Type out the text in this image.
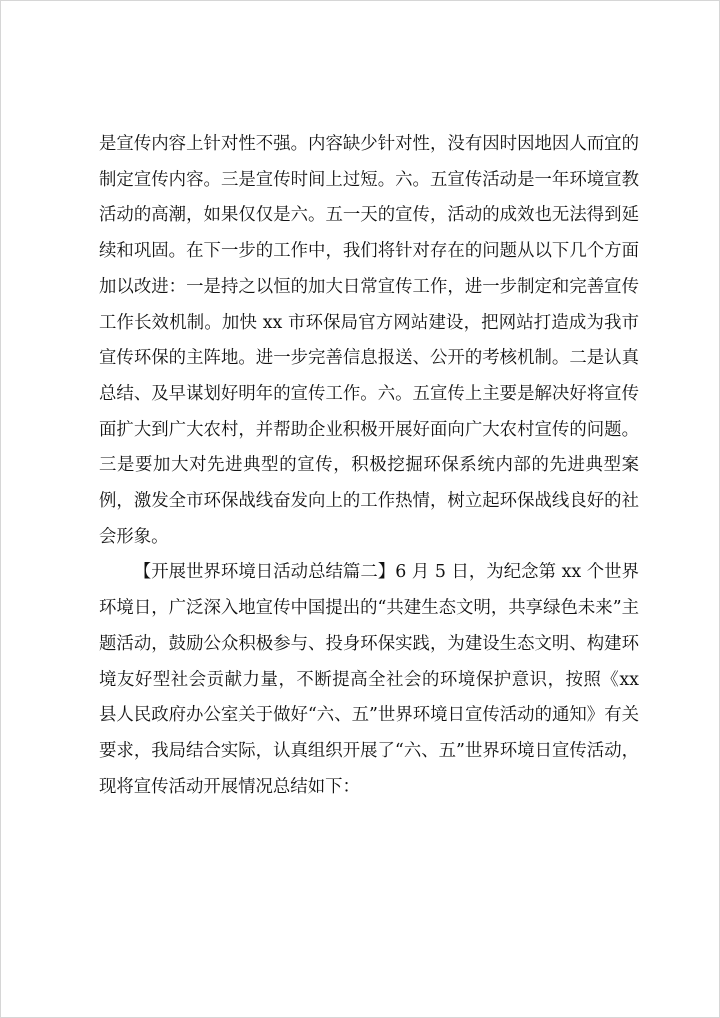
是宣传内容上针对性不强。内容缺少针对性，没有因时因地因人而宜的制定宣传内容。三是宣传时间上过短。六。五宣传活动是一年环境宣教活动的高潮，如果仅仅是六。五一天的宣传，活动的成效也无法得到延续和巩固。在下一步的工作中，我们将针对存在的问题从以下几个方面加以改进：一是持之以恒的加大日常宣传工作，进一步制定和完善宣传工作长效机制。加快 xx 市环保局官方网站建设，把网站打造成为我市宣传环保的主阵地。进一步完善信息报送、公开的考核机制。二是认真总结、及早谋划好明年的宣传工作。六。五宣传上主要是解决好将宣传面扩大到广大农村，并帮助企业积极开展好面向广大农村宣传的问题。三是要加大对先进典型的宣传，积极挖掘环保系统内部的先进典型案例，激发全市环保战线奋发向上的工作热情，树立起环保战线良好的社会形象。

【开展世界环境日活动总结篇二】6 月 5 日，为纪念第 xx 个世界环境日，广泛深入地宣传中国提出的“共建生态文明，共享绿色未来”主题活动，鼓励公众积极参与、投身环保实践，为建设生态文明、构建环境友好型社会贡献力量，不断提高全社会的环境保护意识，按照《xx 县人民政府办公室关于做好“六、五”世界环境日宣传活动的通知》有关要求，我局结合实际，认真组织开展了“六、五”世界环境日宣传活动，现将宣传活动开展情况总结如下：
